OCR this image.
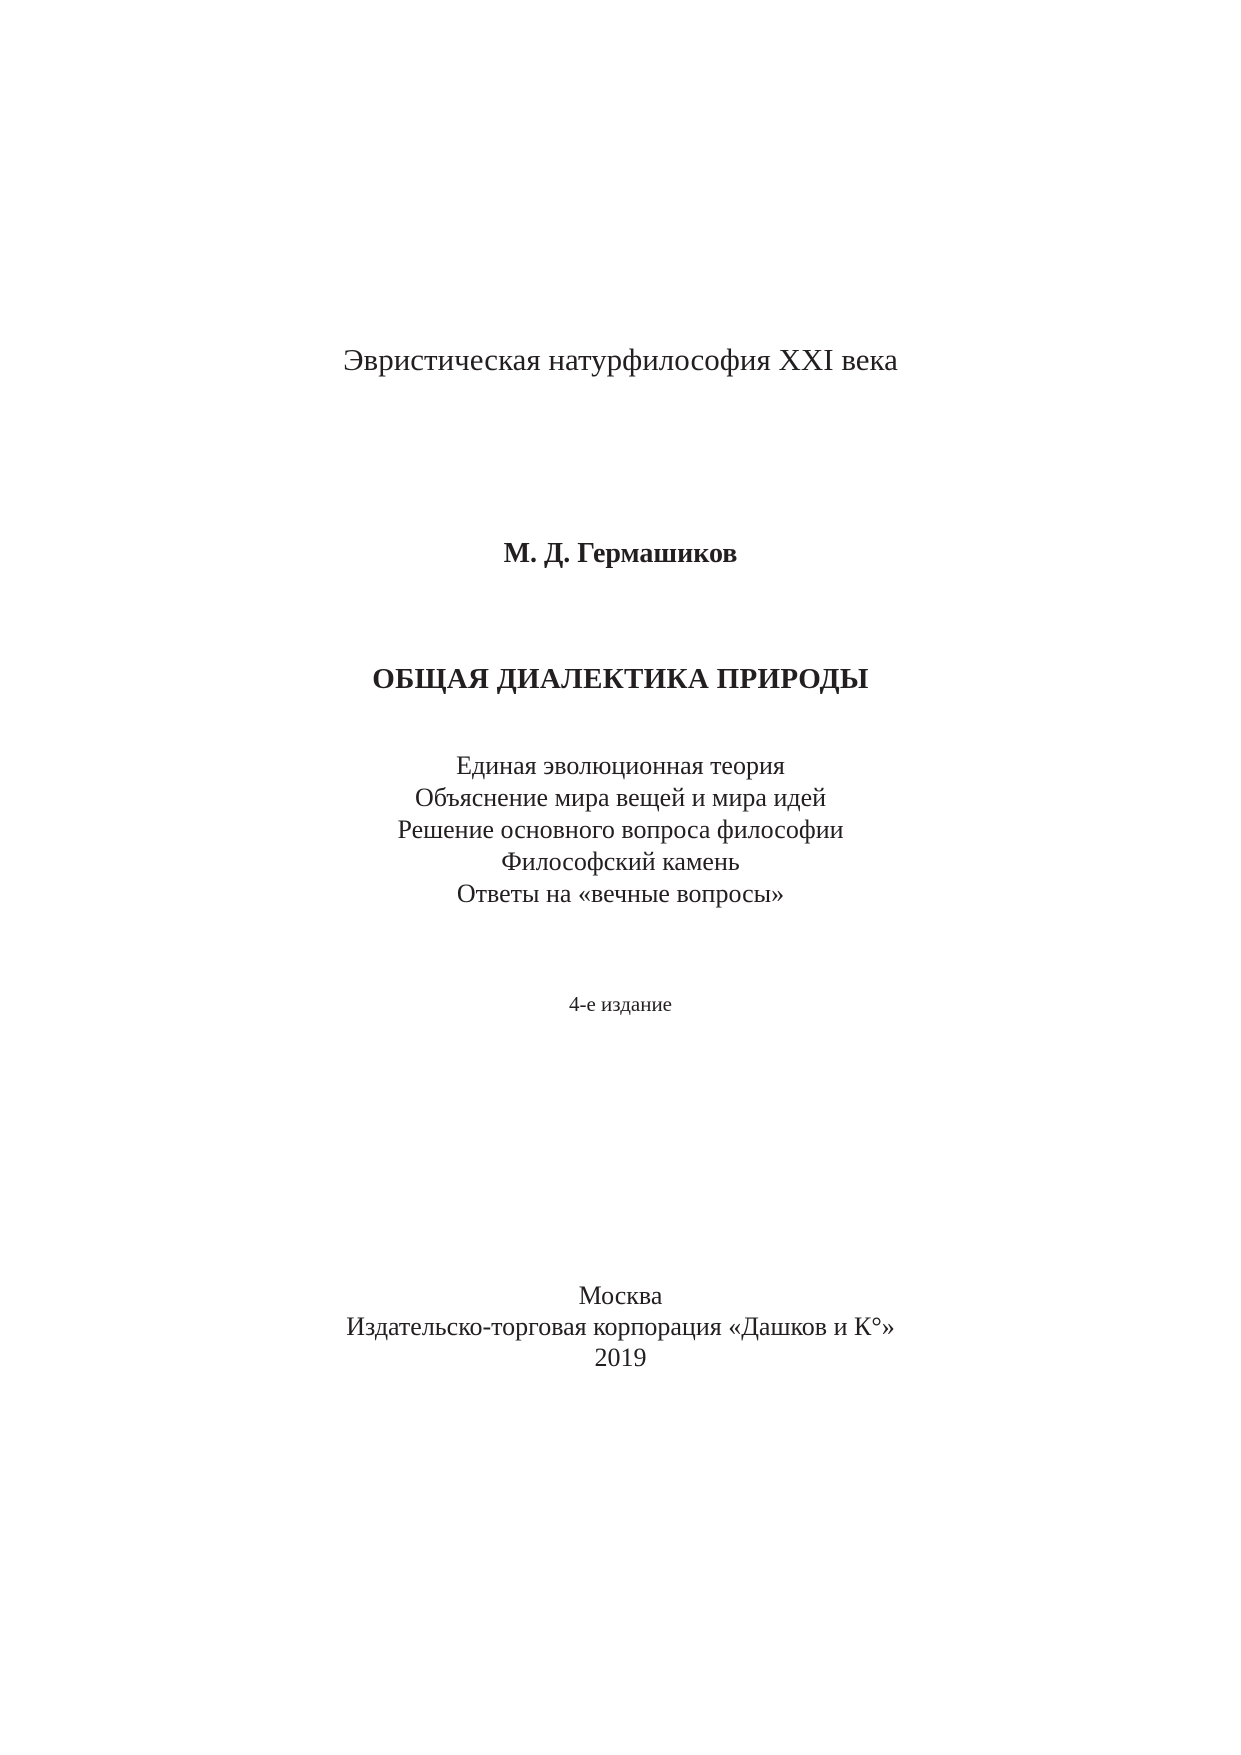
Эвристическая натурфилософия XXI века

М. Д. Гермашиков

ОБЩАЯ ДИАЛЕКТИКА ПРИРОДЫ
Единая эволюционная теория
Объяснение мира вещей и мира идей
Решение основного вопроса философии
Философский камень
Ответы на «вечные вопросы»

4-е издание

Москва
Издательско-торговая корпорация «Дашков и К°»
2019
